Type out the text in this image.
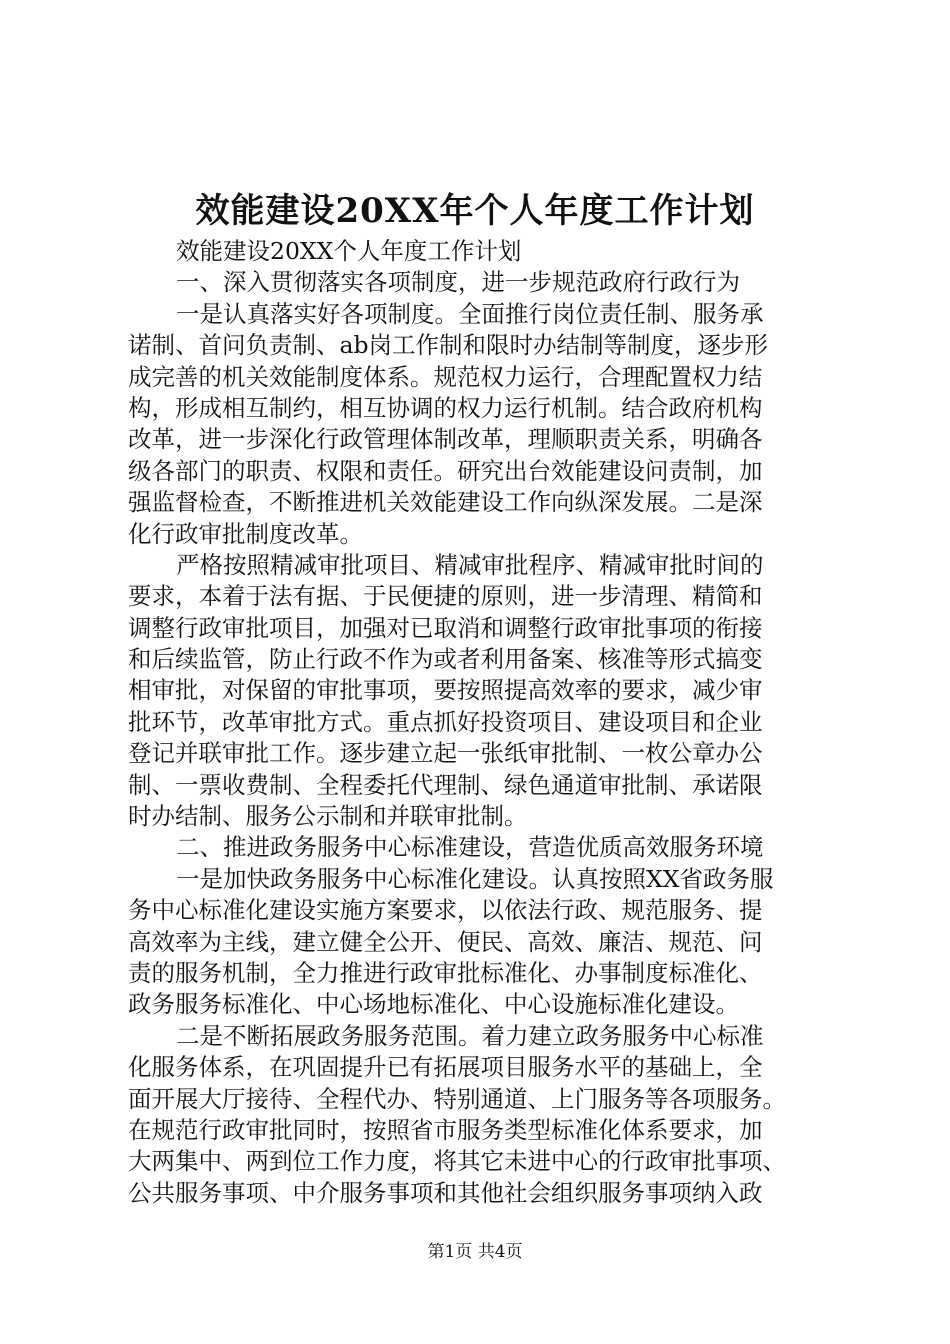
效能建设20XX年个人年度工作计划
效能建设20XX个人年度工作计划
一、深入贯彻落实各项制度，进一步规范政府行政行为
一是认真落实好各项制度。全面推行岗位责任制、服务承
诺制、首问负责制、ab岗工作制和限时办结制等制度，逐步形
成完善的机关效能制度体系。规范权力运行，合理配置权力结
构，形成相互制约，相互协调的权力运行机制。结合政府机构
改革，进一步深化行政管理体制改革，理顺职责关系，明确各
级各部门的职责、权限和责任。研究出台效能建设问责制，加
强监督检查，不断推进机关效能建设工作向纵深发展。二是深
化行政审批制度改革。
严格按照精减审批项目、精减审批程序、精减审批时间的
要求，本着于法有据、于民便捷的原则，进一步清理、精简和
调整行政审批项目，加强对已取消和调整行政审批事项的衔接
和后续监管，防止行政不作为或者利用备案、核准等形式搞变
相审批，对保留的审批事项，要按照提高效率的要求，减少审
批环节，改革审批方式。重点抓好投资项目、建设项目和企业
登记并联审批工作。逐步建立起一张纸审批制、一枚公章办公
制、一票收费制、全程委托代理制、绿色通道审批制、承诺限
时办结制、服务公示制和并联审批制。
二、推进政务服务中心标准建设，营造优质高效服务环境
一是加快政务服务中心标准化建设。认真按照XX省政务服
务中心标准化建设实施方案要求，以依法行政、规范服务、提
高效率为主线，建立健全公开、便民、高效、廉洁、规范、问
责的服务机制，全力推进行政审批标准化、办事制度标准化、
政务服务标准化、中心场地标准化、中心设施标准化建设。
二是不断拓展政务服务范围。着力建立政务服务中心标准
化服务体系，在巩固提升已有拓展项目服务水平的基础上，全
面开展大厅接待、全程代办、特别通道、上门服务等各项服务。
在规范行政审批同时，按照省市服务类型标准化体系要求，加
大两集中、两到位工作力度，将其它未进中心的行政审批事项、
公共服务事项、中介服务事项和其他社会组织服务事项纳入政
第1页 共4页
